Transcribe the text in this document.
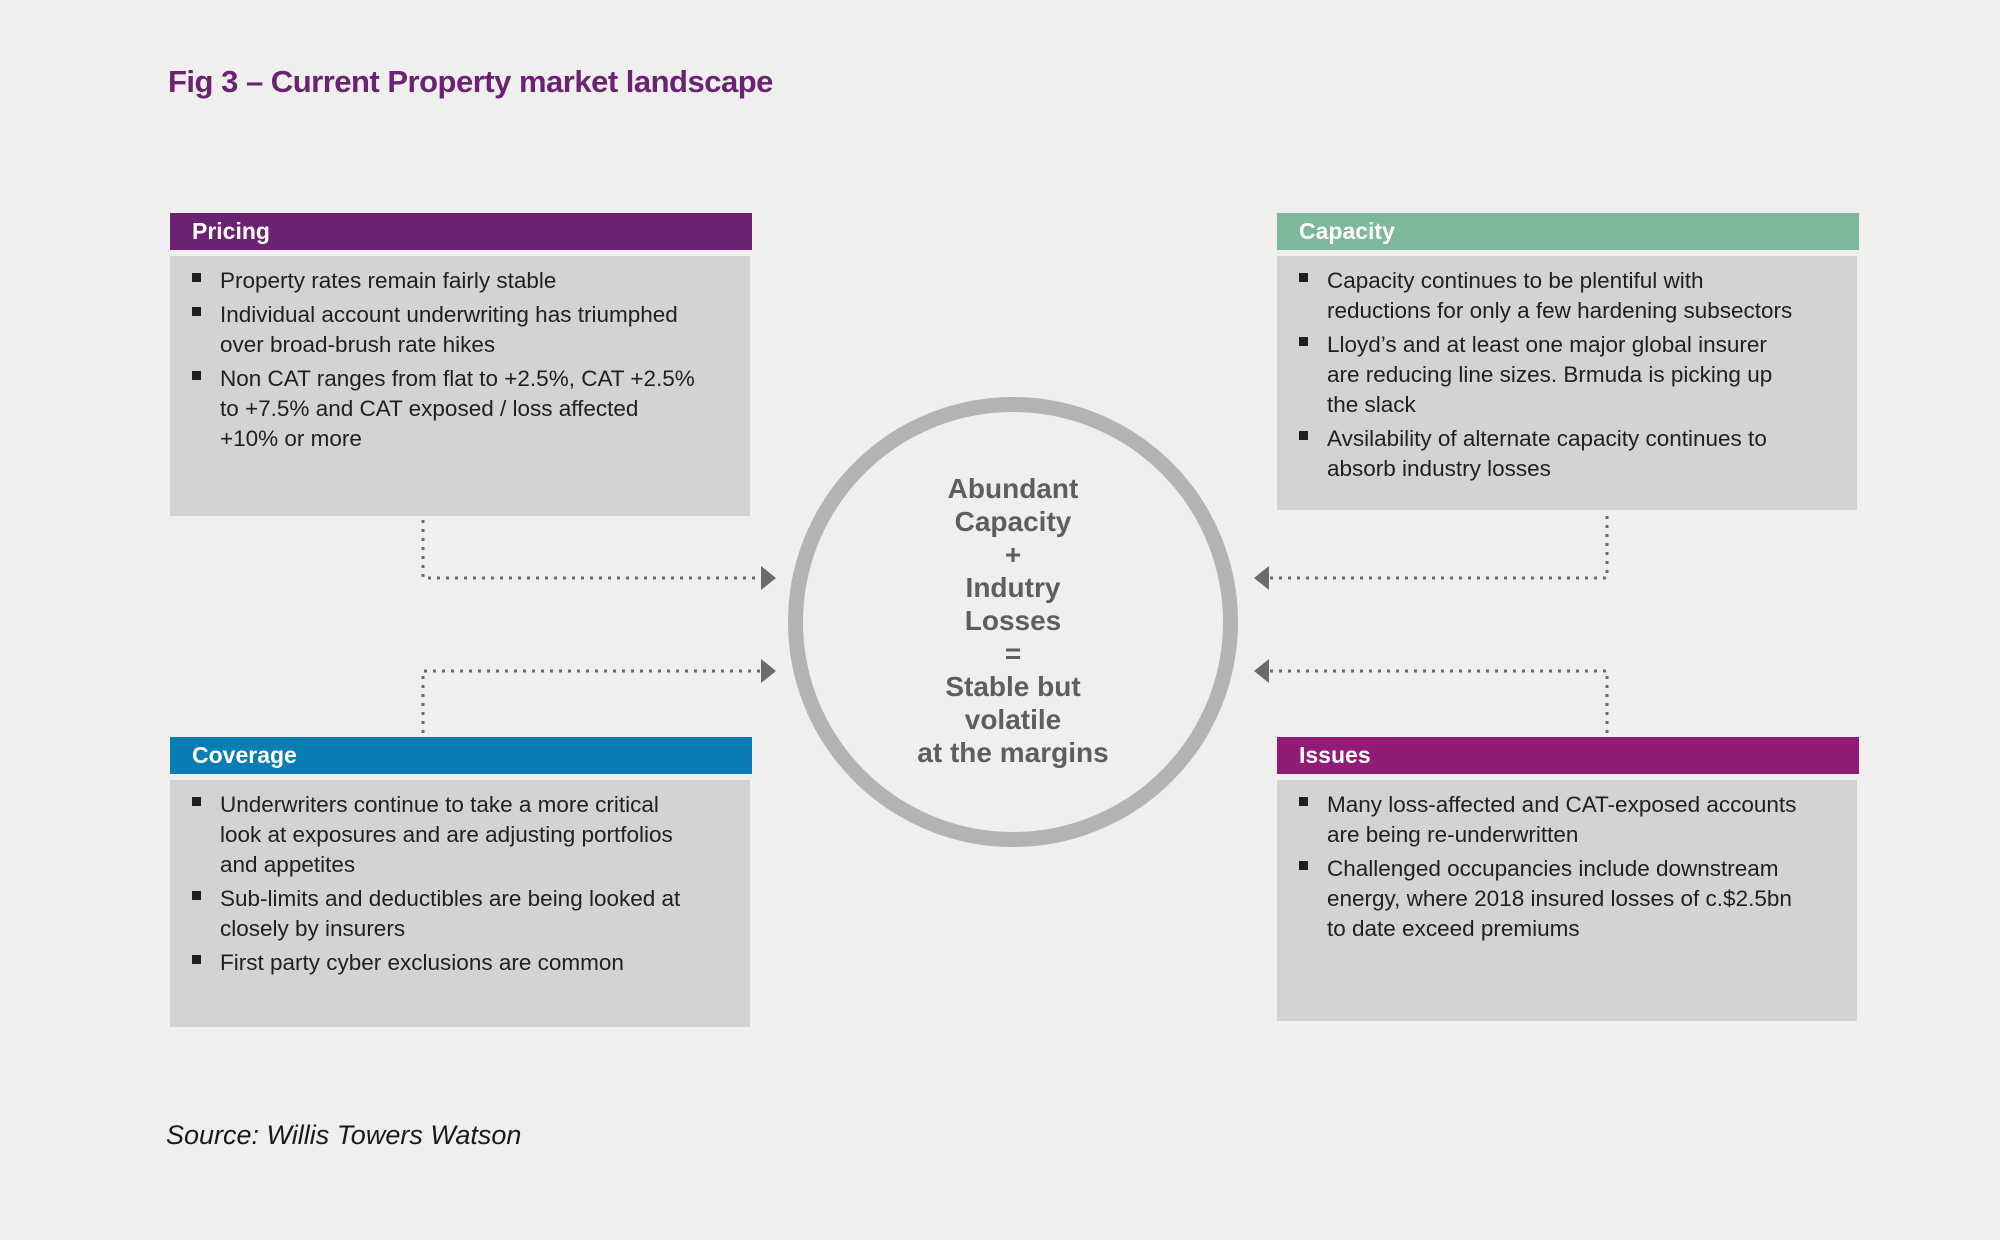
Fig 3 – Current Property market landscape
Pricing
Property rates remain fairly stable
Individual account underwriting has triumphed
over broad-brush rate hikes
Non CAT ranges from flat to +2.5%, CAT +2.5%
to +7.5% and CAT exposed / loss affected
+10% or more
Capacity
Capacity continues to be plentiful with
reductions for only a few hardening subsectors
Lloyd’s and at least one major global insurer
are reducing line sizes. Brmuda is picking up
the slack
Avsilability of alternate capacity continues to
absorb industry losses
Coverage
Underwriters continue to take a more critical
look at exposures and are adjusting portfolios
and appetites
Sub-limits and deductibles are being looked at
closely by insurers
First party cyber exclusions are common
Issues
Many loss-affected and CAT-exposed accounts
are being re-underwritten
Challenged occupancies include downstream
energy, where 2018 insured losses of c.$2.5bn
to date exceed premiums
Abundant
Capacity
+
Indutry
Losses
=
Stable but
volatile
at the margins
Source: Willis Towers Watson
